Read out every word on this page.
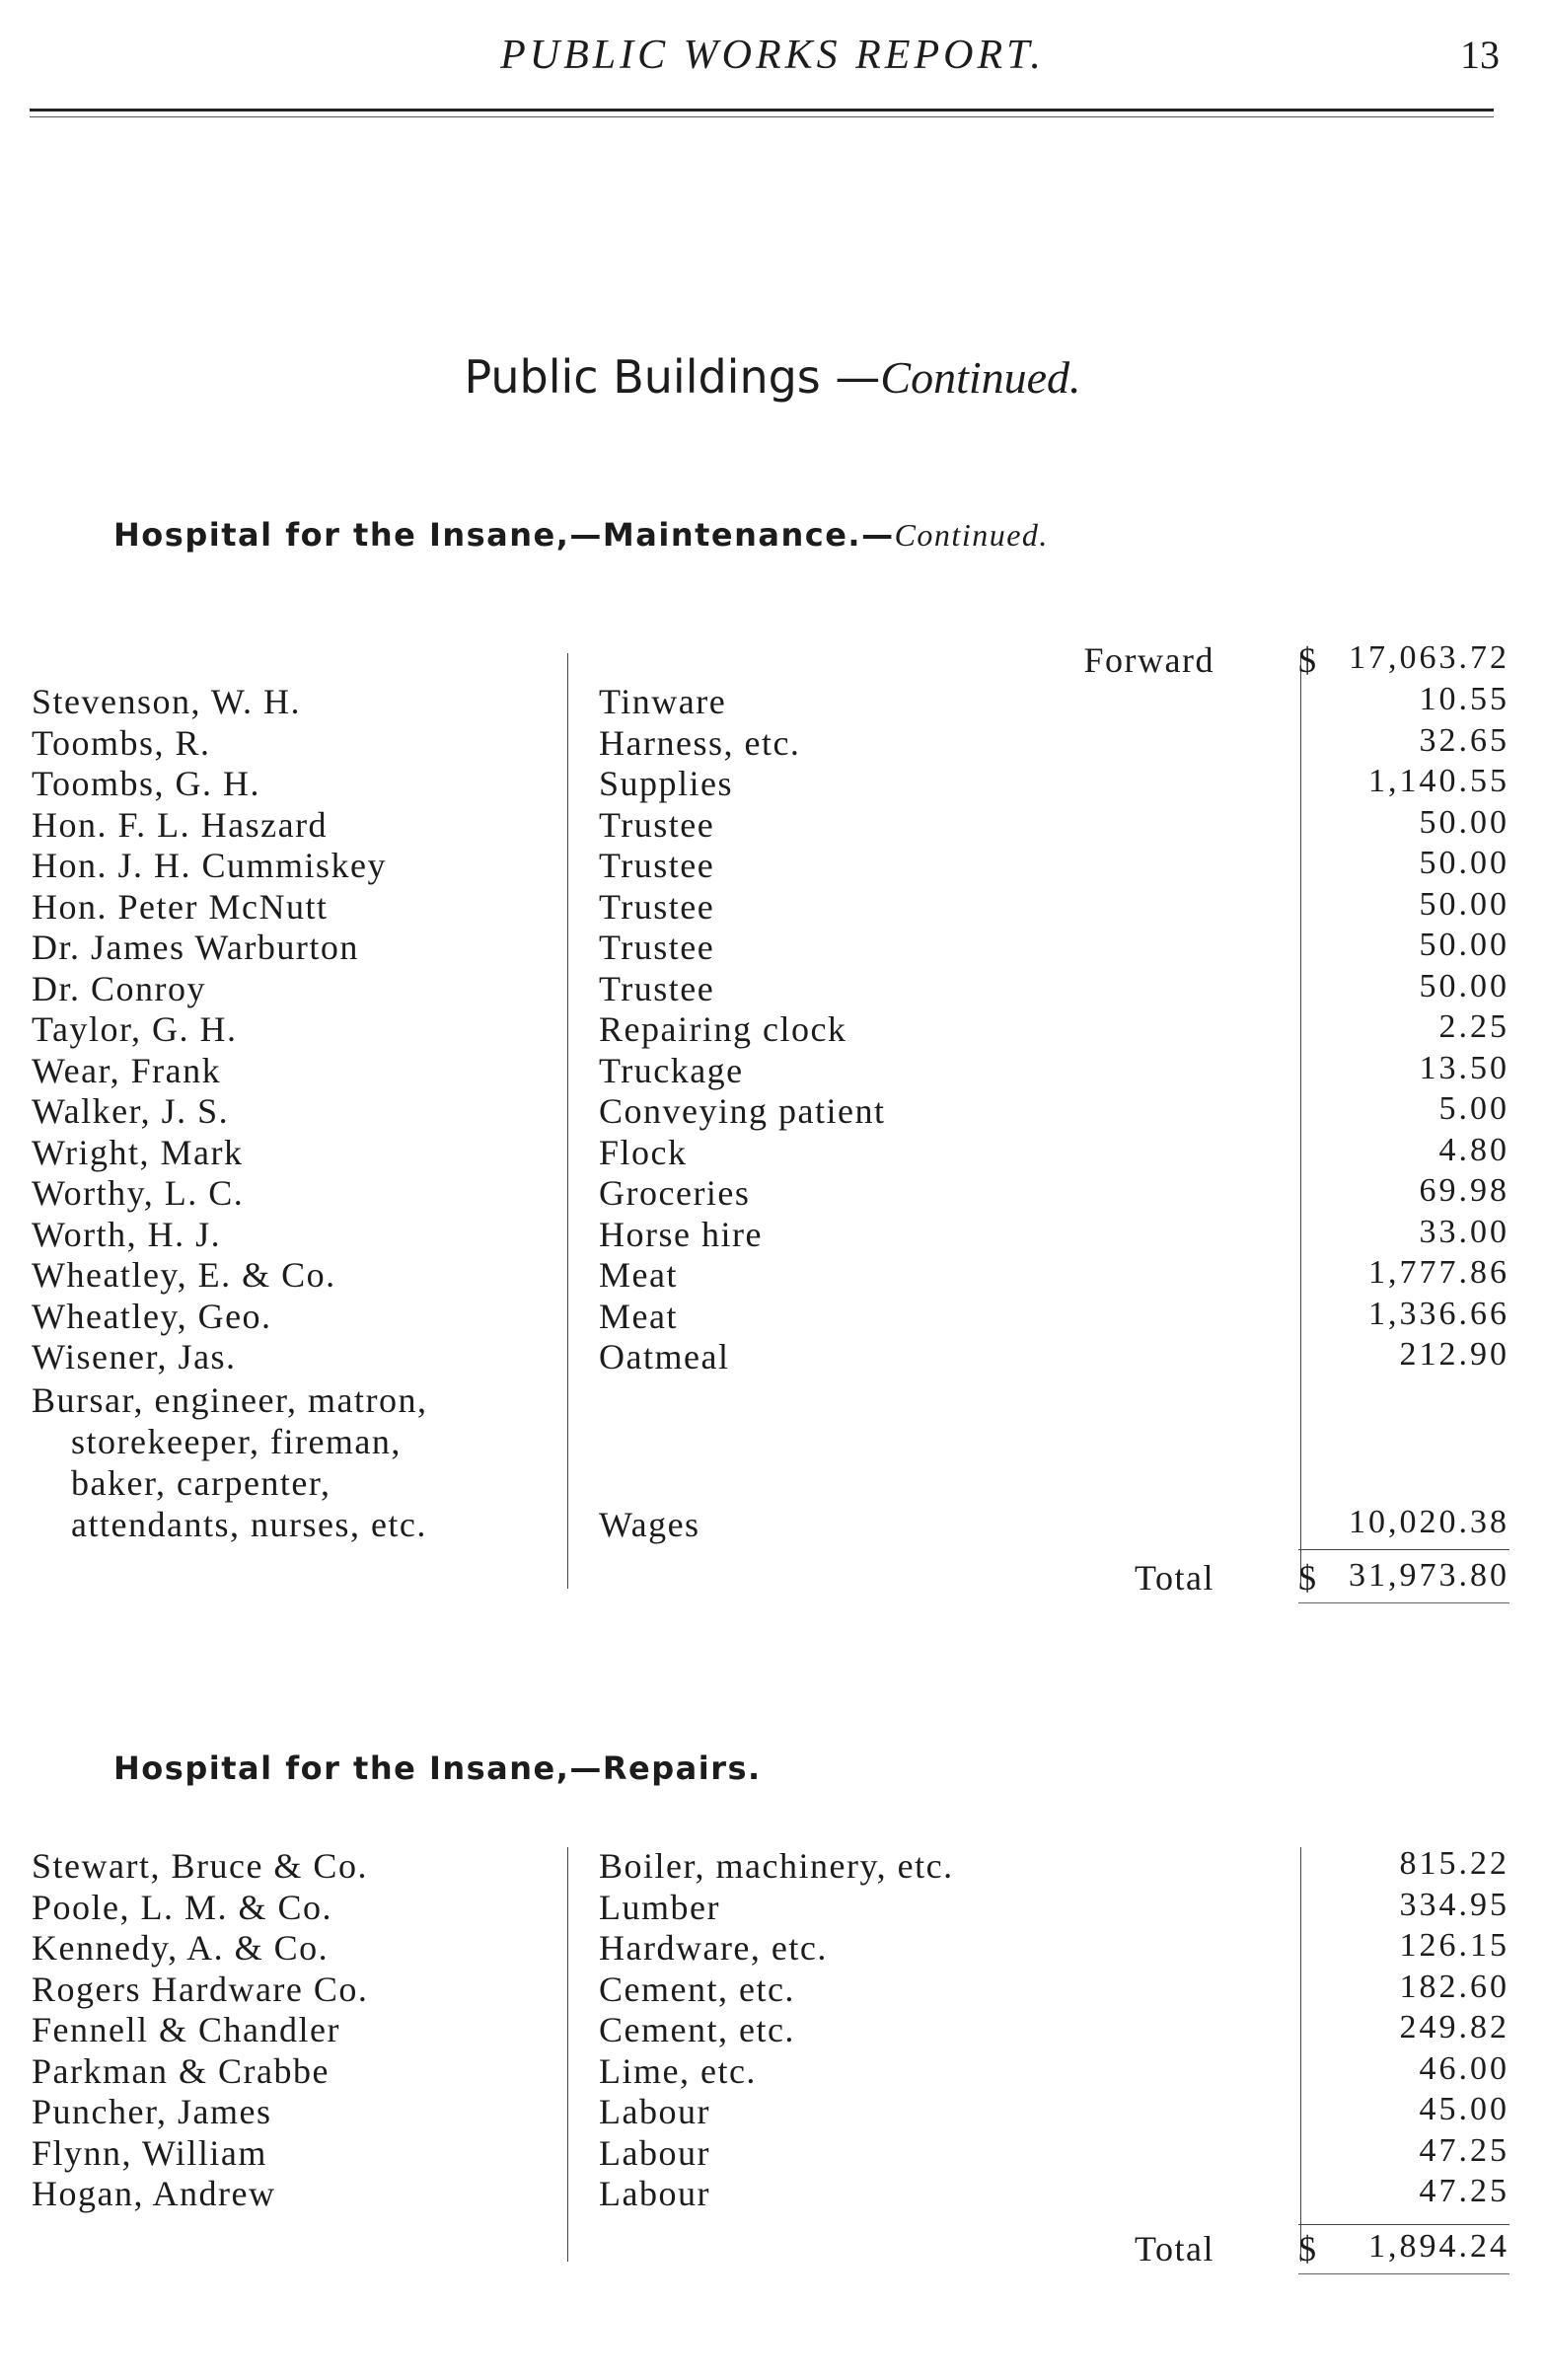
PUBLIC WORKS REPORT.	13
Public Buildings —Continued.
Hospital for the Insane,—Maintenance.—Continued.
Forward $ 17,063.72
Stevenson, W. H.	Tinware	10.55
Toombs, R.	Harness, etc.	32.65
Toombs, G. H.	Supplies	1,140.55
Hon. F. L. Haszard	Trustee	50.00
Hon. J. H. Cummiskey	Trustee	50.00
Hon. Peter McNutt	Trustee	50.00
Dr. James Warburton	Trustee	50.00
Dr. Conroy	Trustee	50.00
Taylor, G. H.	Repairing clock	2.25
Wear, Frank	Truckage	13.50
Walker, J. S.	Conveying patient	5.00
Wright, Mark	Flock	4.80
Worthy, L. C.	Groceries	69.98
Worth, H. J.	Horse hire	33.00
Wheatley, E. & Co.	Meat	1,777.86
Wheatley, Geo.	Meat	1,336.66
Wisener, Jas.	Oatmeal	212.90
Bursar, engineer, matron,
storekeeper, fireman,
baker, carpenter,
attendants, nurses, etc.	Wages	10,020.38
Total $ 31,973.80
Hospital for the Insane,—Repairs.
Stewart, Bruce & Co.	Boiler, machinery, etc.	815.22
Poole, L. M. & Co.	Lumber	334.95
Kennedy, A. & Co.	Hardware, etc.	126.15
Rogers Hardware Co.	Cement, etc.	182.60
Fennell & Chandler	Cement, etc.	249.82
Parkman & Crabbe	Lime, etc.	46.00
Puncher, James	Labour	45.00
Flynn, William	Labour	47.25
Hogan, Andrew	Labour	47.25
Total $ 1,894.24
